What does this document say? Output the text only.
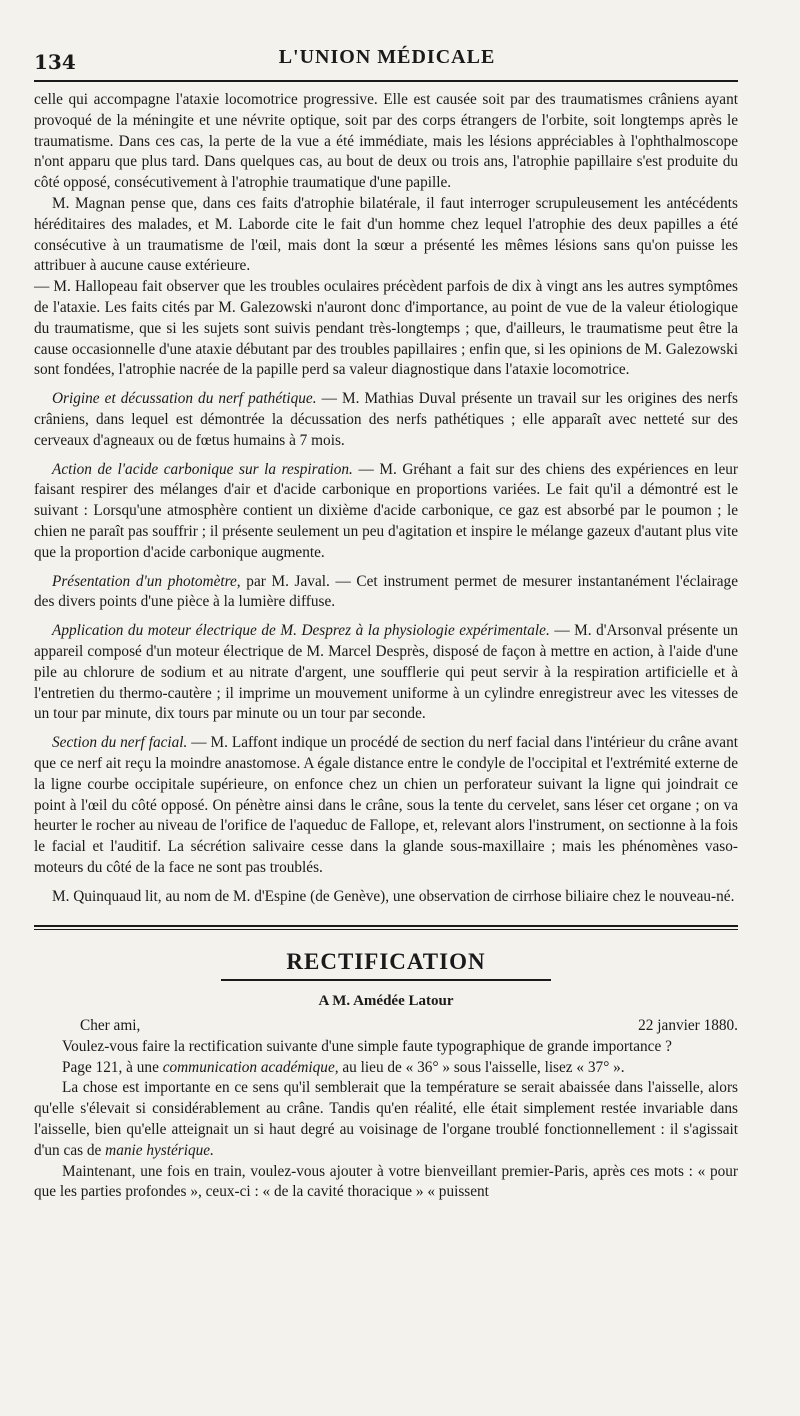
134	L'UNION MÉDICALE

celle qui accompagne l'ataxie locomotrice progressive. Elle est causée soit par des traumatismes crâniens ayant provoqué de la méningite et une névrite optique, soit par des corps étrangers de l'orbite, soit longtemps après le traumatisme. Dans ces cas, la perte de la vue a été immédiate, mais les lésions appréciables à l'ophthalmoscope n'ont apparu que plus tard. Dans quelques cas, au bout de deux ou trois ans, l'atrophie papillaire s'est produite du côté opposé, consécutivement à l'atrophie traumatique d'une papille.

M. Magnan pense que, dans ces faits d'atrophie bilatérale, il faut interroger scrupuleusement les antécédents héréditaires des malades, et M. Laborde cite le fait d'un homme chez lequel l'atrophie des deux papilles a été consécutive à un traumatisme de l'œil, mais dont la sœur a présenté les mêmes lésions sans qu'on puisse les attribuer à aucune cause extérieure.

— M. Hallopeau fait observer que les troubles oculaires précèdent parfois de dix à vingt ans les autres symptômes de l'ataxie. Les faits cités par M. Galezowski n'auront donc d'importance, au point de vue de la valeur étiologique du traumatisme, que si les sujets sont suivis pendant très-longtemps ; que, d'ailleurs, le traumatisme peut être la cause occasionnelle d'une ataxie débutant par des troubles papillaires ; enfin que, si les opinions de M. Galezowski sont fondées, l'atrophie nacrée de la papille perd sa valeur diagnostique dans l'ataxie locomotrice.

Origine et décussation du nerf pathétique. — M. Mathias Duval présente un travail sur les origines des nerfs crâniens, dans lequel est démontrée la décussation des nerfs pathétiques ; elle apparaît avec netteté sur des cerveaux d'agneaux ou de fœtus humains à 7 mois.

Action de l'acide carbonique sur la respiration. — M. Gréhant a fait sur des chiens des expériences en leur faisant respirer des mélanges d'air et d'acide carbonique en proportions variées. Le fait qu'il a démontré est le suivant : Lorsqu'une atmosphère contient un dixième d'acide carbonique, ce gaz est absorbé par le poumon ; le chien ne paraît pas souffrir ; il présente seulement un peu d'agitation et inspire le mélange gazeux d'autant plus vite que la proportion d'acide carbonique augmente.

Présentation d'un photomètre, par M. Javal. — Cet instrument permet de mesurer instantanément l'éclairage des divers points d'une pièce à la lumière diffuse.

Application du moteur électrique de M. Desprez à la physiologie expérimentale. — M. d'Arsonval présente un appareil composé d'un moteur électrique de M. Marcel Desprès, disposé de façon à mettre en action, à l'aide d'une pile au chlorure de sodium et au nitrate d'argent, une soufflerie qui peut servir à la respiration artificielle et à l'entretien du thermo-cautère ; il imprime un mouvement uniforme à un cylindre enregistreur avec les vitesses de un tour par minute, dix tours par minute ou un tour par seconde.

Section du nerf facial. — M. Laffont indique un procédé de section du nerf facial dans l'intérieur du crâne avant que ce nerf ait reçu la moindre anastomose. A égale distance entre le condyle de l'occipital et l'extrémité externe de la ligne courbe occipitale supérieure, on enfonce chez un chien un perforateur suivant la ligne qui joindrait ce point à l'œil du côté opposé. On pénètre ainsi dans le crâne, sous la tente du cervelet, sans léser cet organe ; on va heurter le rocher au niveau de l'orifice de l'aqueduc de Fallope, et, relevant alors l'instrument, on sectionne à la fois le facial et l'auditif. La sécrétion salivaire cesse dans la glande sous-maxillaire ; mais les phénomènes vaso-moteurs du côté de la face ne sont pas troublés.

M. Quinquaud lit, au nom de M. d'Espine (de Genève), une observation de cirrhose biliaire chez le nouveau-né.

RECTIFICATION
A M. Amédée Latour
Cher ami,	22 janvier 1880.

Voulez-vous faire la rectification suivante d'une simple faute typographique de grande importance ?

Page 121, à une communication académique, au lieu de « 36° » sous l'aisselle, lisez « 37° ».

La chose est importante en ce sens qu'il semblerait que la température se serait abaissée dans l'aisselle, alors qu'elle s'élevait si considérablement au crâne. Tandis qu'en réalité, elle était simplement restée invariable dans l'aisselle, bien qu'elle atteignait un si haut degré au voisinage de l'organe troublé fonctionnellement : il s'agissait d'un cas de manie hystérique.

Maintenant, une fois en train, voulez-vous ajouter à votre bienveillant premier-Paris, après ces mots : « pour que les parties profondes », ceux-ci : « de la cavité thoracique » « puissent
